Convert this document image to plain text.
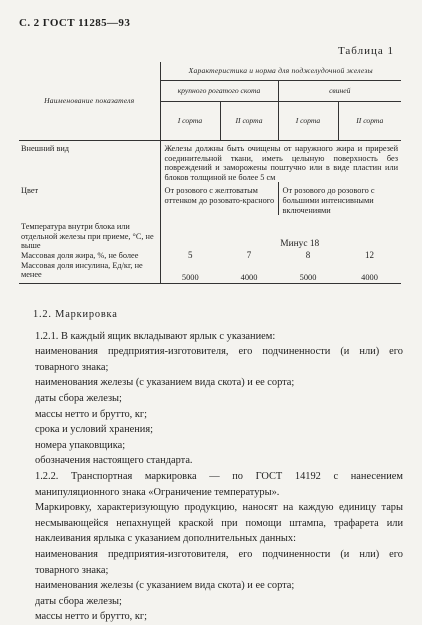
С. 2 ГОСТ 11285—93
Таблица 1
Наименование показателя	Характеристика и норма для поджелудочной железы			
	крупного рогатого скота		свиней	
	I сорта	II сорта	I сорта	II сорта
Внешний вид	Железы должны быть очищены от наружного жира и прирезей соединительной ткани, иметь целыную поверхность без повреждений и заморожены поштучно или в виде пластин или блоков толщиной не более 5 см			
Цвет	От розового с желтоватым оттенком до розовато-красного		От розового до розового с большими интенсивными включениями	
Температура внутри блока или отдельной железы при приеме, °С, не выше	Минус 18			
Массовая доля жира, %, не более	5	7	8	12
Массовая доля инсулина, Ед/кг, не менее	5000	4000	5000	4000

1.2. Маркировка

1.2.1. В каждый ящик вкладывают ярлык с указанием:

наименования предприятия-изготовителя, его подчиненности (и нли) его товарного знака;

наименования железы (с указанием вида скота) и ее сорта;

даты сбора железы;

массы нетто и брутто, кг;

срока и условий хранения;

номера упаковщика;

обозначения настоящего стандарта.

1.2.2. Транспортная маркировка — по ГОСТ 14192 с нанесением манипуляционного знака «Ограничение температуры».

Маркировку, характеризующую продукцию, наносят на каждую единицу тары несмывающейся непахнущей краской при помощи штампа, трафарета или наклеивания ярлыка с указанием дополнительных данных:

наименования предприятия-изготовителя, его подчиненности (и нли) его товарного знака;

наименования железы (с указанием вида скота) и ее сорта;

даты сбора железы;

массы нетто и брутто, кг;
